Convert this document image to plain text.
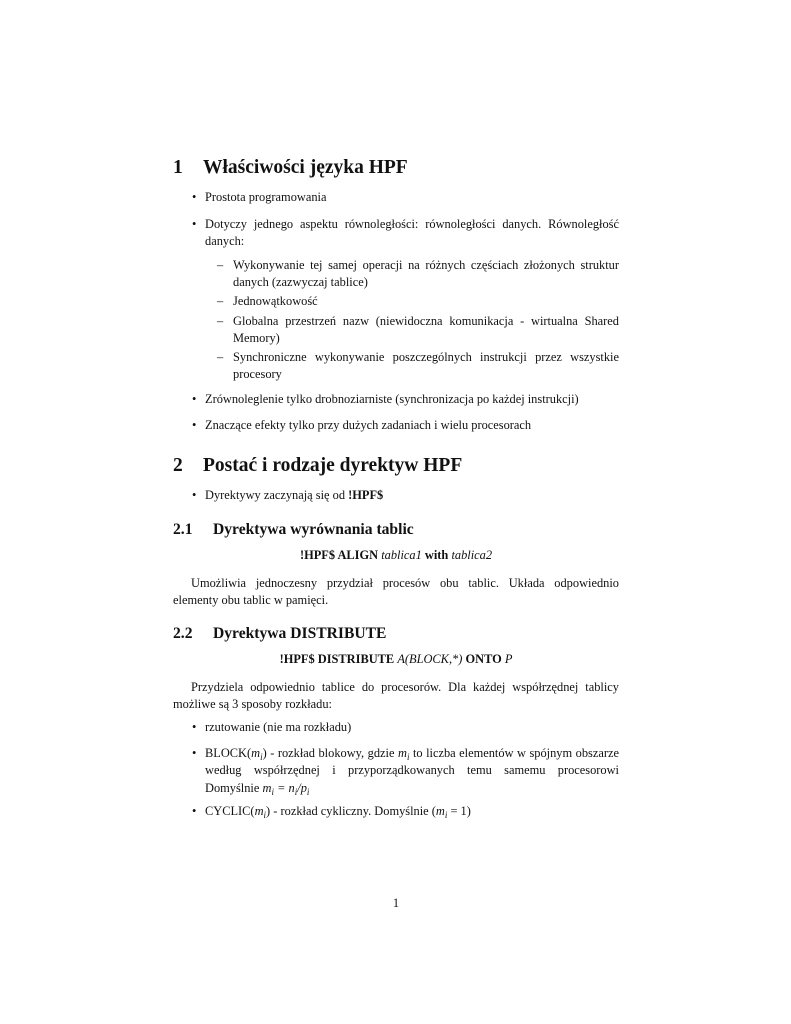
1 Właściwości języka HPF
• Prostota programowania
• Dotyczy jednego aspektu równoległości: równoległości danych. Równoległość danych:
– Wykonywanie tej samej operacji na różnych częściach złożonych struktur danych (zazwyczaj tablice)
– Jednowątkowość
– Globalna przestrzeń nazw (niewidoczna komunikacja - wirtualna Shared Memory)
– Synchroniczne wykonywanie poszczególnych instrukcji przez wszystkie procesory
• Zrównoleglenie tylko drobnoziarniste (synchronizacja po każdej instrukcji)
• Znaczące efekty tylko przy dużych zadaniach i wielu procesorach
2 Postać i rodzaje dyrektyw HPF
• Dyrektywy zaczynają się od !HPF$
2.1 Dyrektywa wyrównania tablic
!HPF$ ALIGN tablica1 with tablica2
Umożliwia jednoczesny przydział procesów obu tablic. Układa odpowiednio elementy obu tablic w pamięci.
2.2 Dyrektywa DISTRIBUTE
!HPF$ DISTRIBUTE A(BLOCK,*) ONTO P
Przydziela odpowiednio tablice do procesorów. Dla każdej współrzędnej tablicy możliwe są 3 sposoby rozkładu:
• rzutowanie (nie ma rozkładu)
• $BLOCK(m_i)$ - rozkład blokowy, gdzie $m_i$ to liczba elementów w spójnym obszarze według współrzędnej i przyporządkowanych temu samemu procesorowi Domyślnie $m_i = n_i/p_i$
• $CYCLIC(m_i)$ - rozkład cykliczny. Domyślnie $(m_i = 1)$
1
